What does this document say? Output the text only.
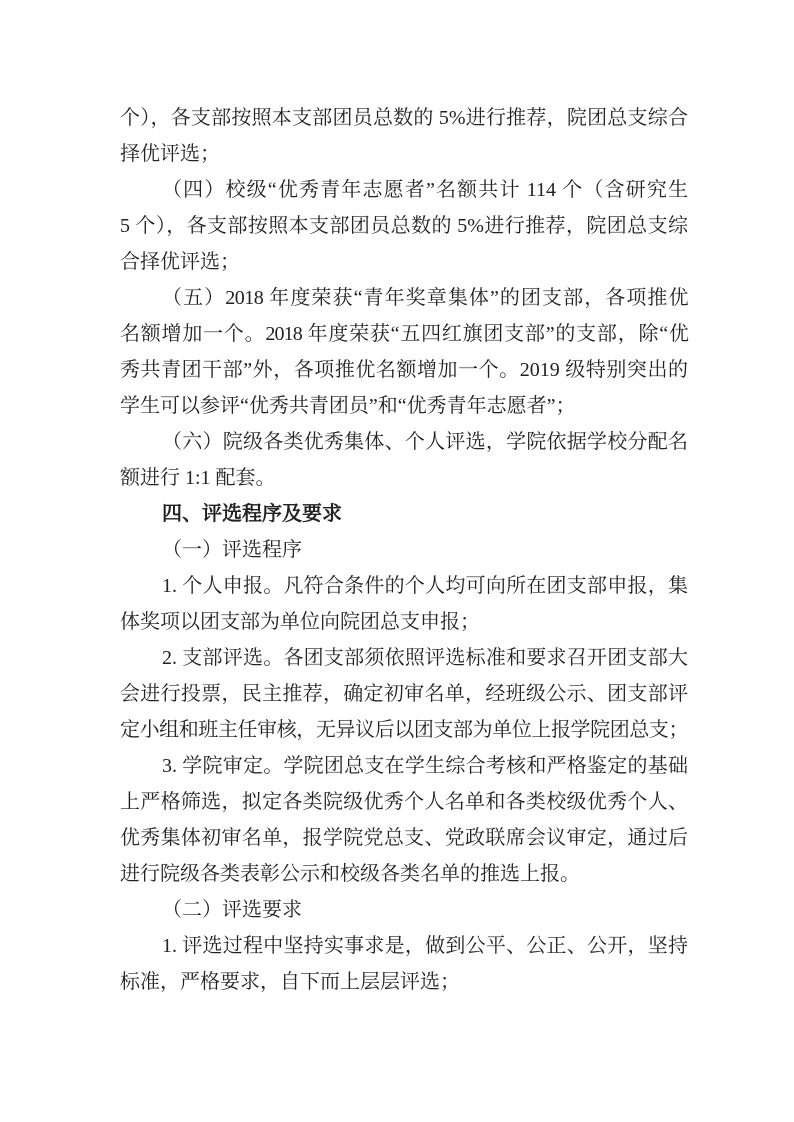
个），各支部按照本支部团员总数的 5%进行推荐，院团总支综合
择优评选；
（四）校级“优秀青年志愿者”名额共计 114 个（含研究生
5 个），各支部按照本支部团员总数的 5%进行推荐，院团总支综
合择优评选；
（五）2018 年度荣获“青年奖章集体”的团支部，各项推优
名额增加一个。2018 年度荣获“五四红旗团支部”的支部，除“优
秀共青团干部”外，各项推优名额增加一个。2019 级特别突出的
学生可以参评“优秀共青团员”和“优秀青年志愿者”；
（六）院级各类优秀集体、个人评选，学院依据学校分配名
额进行 1:1 配套。
四、评选程序及要求
（一）评选程序
1. 个人申报。凡符合条件的个人均可向所在团支部申报，集
体奖项以团支部为单位向院团总支申报；
2. 支部评选。各团支部须依照评选标准和要求召开团支部大
会进行投票，民主推荐，确定初审名单，经班级公示、团支部评
定小组和班主任审核，无异议后以团支部为单位上报学院团总支；
3. 学院审定。学院团总支在学生综合考核和严格鉴定的基础
上严格筛选，拟定各类院级优秀个人名单和各类校级优秀个人、
优秀集体初审名单，报学院党总支、党政联席会议审定，通过后
进行院级各类表彰公示和校级各类名单的推选上报。
（二）评选要求
1. 评选过程中坚持实事求是，做到公平、公正、公开，坚持
标准，严格要求，自下而上层层评选；
